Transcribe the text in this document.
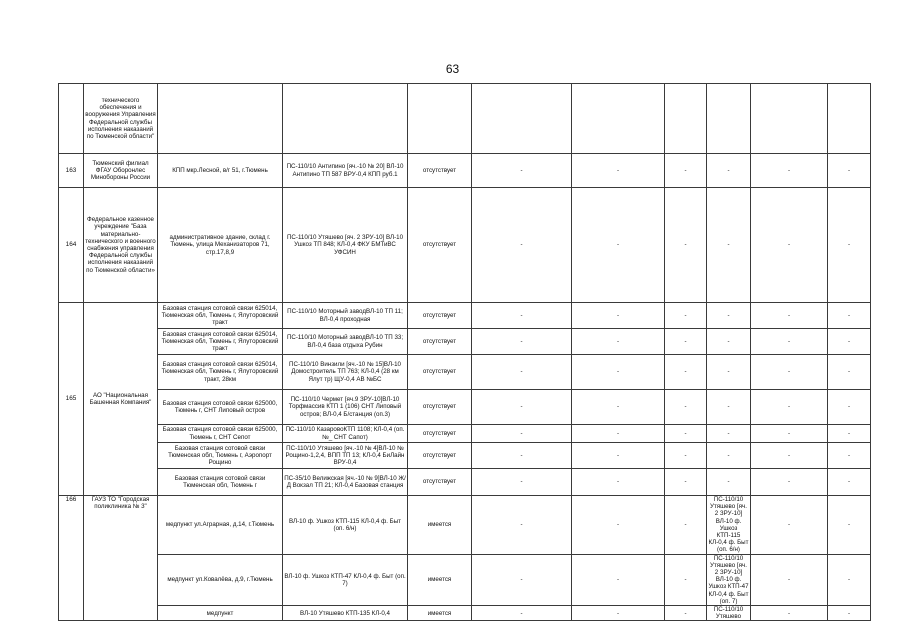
63
	технического обеспечения и вооружения Управления Федеральной службы исполнения наказаний по Тюменской области"									
163	Тюменский филиал ФГАУ Оборонлес Минобороны России	КПП мкр.Лесной, в/г 51, г.Тюмень	ПС-110/10 Антипино [яч.-10 № 20] ВЛ-10 Антипино ТП 587 ВРУ-0,4 КПП руб.1	отсутствует	-	-	-	-	-	-
164	Федеральное казенное учреждение "База материально-технического и военного снабжения управления Федеральной службы исполнения наказаний по Тюменской области»	административное здание, склад г. Тюмень, улица Механизаторов 71, стр.17,8,9	ПС-110/10 Утяшево [яч. 2 ЗРУ-10] ВЛ-10 Ушкоз ТП 848; КЛ-0,4 ФКУ БМТиВС УФСИН	отсутствует	-	-	-	-	-	-
165	АО "Национальная Башенная Компания"	Базовая станция сотовой связи 625014, Тюменская обл, Тюмень г, Ялуторовский тракт	ПС-110/10 Моторный заводВЛ-10 ТП 11; ВЛ-0,4 проходная	отсутствует	-	-	-	-	-	-
		Базовая станция сотовой связи 625014, Тюменская обл, Тюмень г, Ялуторовский тракт	ПС-110/10 Моторный заводВЛ-10 ТП 33; ВЛ-0,4 база отдыха Рубин	отсутствует	-	-	-	-	-	-
		Базовая станция сотовой связи 625014, Тюменская обл, Тюмень г, Ялуторовский тракт, 28км	ПС-110/10 Винзили [яч.-10 № 15]ВЛ-10 Домостроитель ТП 763; КЛ-0,4 (28 км Ялут тр) ЩУ-0,4 АВ №БС	отсутствует	-	-	-	-	-	-
		Базовая станция сотовой связи 625000, Тюмень г, СНТ Липовый остров	ПС-110/10 Чермет [яч.9 ЗРУ-10]ВЛ-10 Торфмассив КТП 1 (106) СНТ Липовый остров; ВЛ-0,4 Б/станция (оп.3)	отсутствует	-	-	-	-	-	-
		Базовая станция сотовой связи 625000, Тюмень г, СНТ Сепот	ПС-110/10 КазаровоКТП 1108; КЛ-0,4 (оп.№_ СНТ Сапот)	отсутствует	-	-	-	-	-	-
		Базовая станция сотовой связи Тюменская обл, Тюмень г, Аэропорт Рощино	ПС-110/10 Утяшево [яч.-10 № 4]ВЛ-10 № Рощино-1,2,4, ВПП ТП 13; КЛ-0,4 БиЛайн ВРУ-0,4	отсутствует	-	-	-	-	-	-
		Базовая станция сотовой связи Тюменская обл, Тюмень г	ПС-35/10 Велижская [яч.-10 № 9]ВЛ-10 Ж/Д Вокзал ТП 21; КЛ-0,4 Базовая станция	отсутствует	-	-	-	-	-	-
166	ГАУЗ ТО "Городская поликлиника № 3"	медпункт ул.Аграрная, д.14, г.Тюмень	ВЛ-10 ф. Ушкоз КТП-115 КЛ-0,4 ф. Быт (оп. 6/н)	имеется	-	-	-	ПС-110/10 Утяшево [яч. 2 ЗРУ-10] ВЛ-10 ф. Ушкоз КТП-115 КЛ-0,4 ф. Быт (оп. 6/н)	-	-
		медпункт ул.Ковалёва, д.9, г.Тюмень	ВЛ-10 ф. Ушкоз КТП-47 КЛ-0,4 ф. Быт (оп. 7)	имеется	-	-	-	ПС-110/10 Утяшево [яч. 2 ЗРУ-10] ВЛ-10 ф. Ушкоз КТП-47 КЛ-0,4 ф. Быт (оп. 7)	-	-
		медпункт	ВЛ-10 Утяшево КТП-135 КЛ-0,4	имеется	-	-	-	ПС-110/10 Утяшево	-	-
